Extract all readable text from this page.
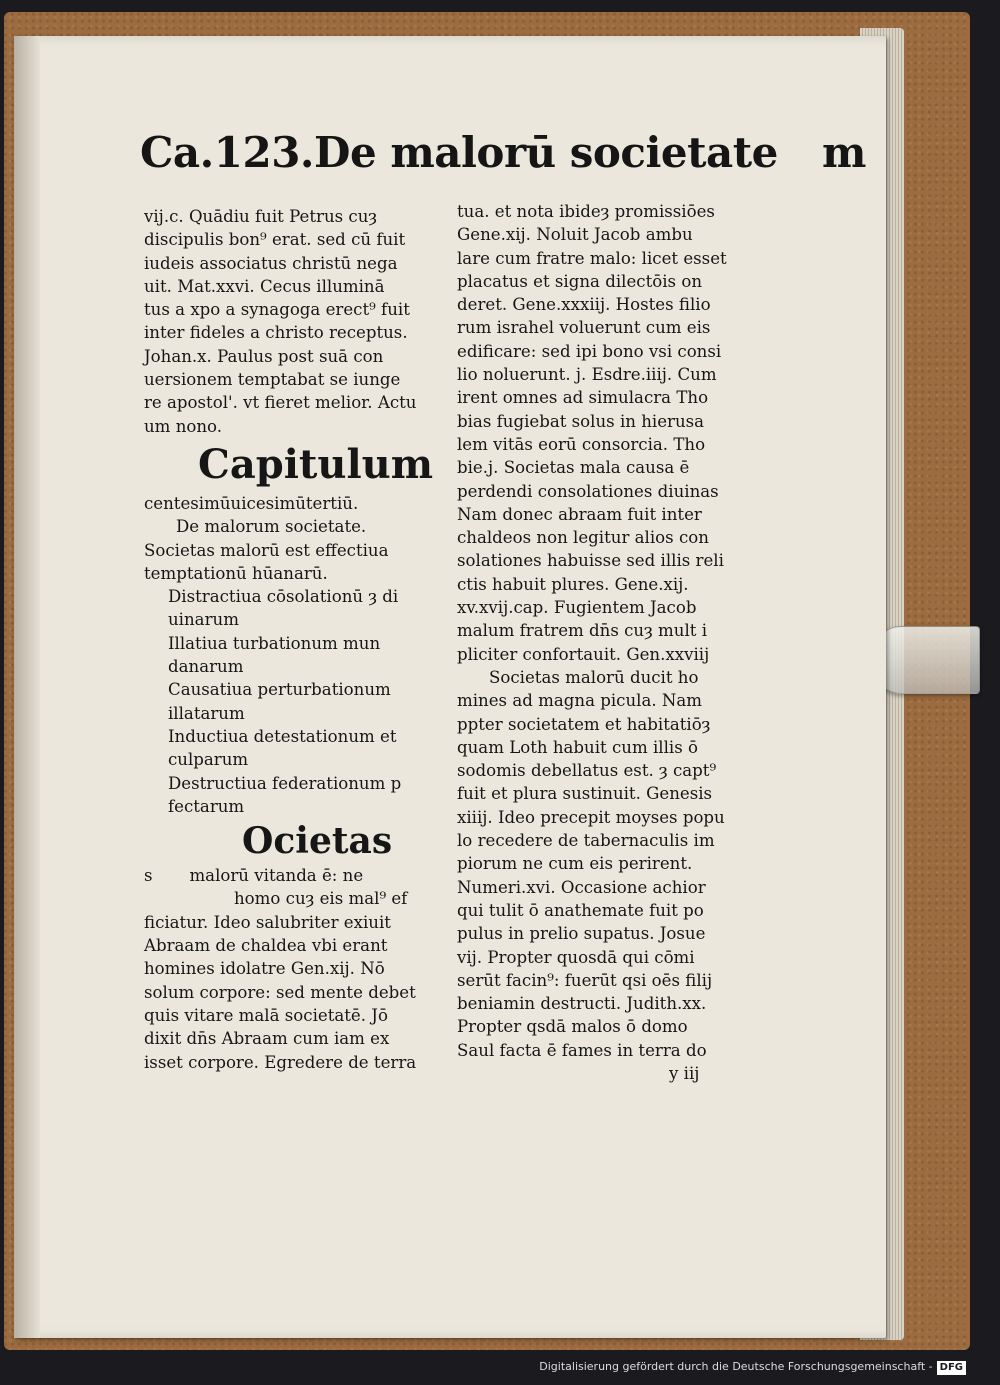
Ca.123.De malorū societate m
vij.c. Quādiu fuit Petrus cuȝ
discipulis bon⁹ erat. sed cū fuit
iudeis associatus christū nega
uit. Mat.xxvi. Cecus illuminā
tus a xpo a synagoga erect⁹ fuit
inter fideles a christo receptus.
Johan.x. Paulus post suā con
uersionem temptabat se iunge
re apostol'. vt fieret melior. Actu
um nono.
Capitulum
centesimūuicesimūtertiū.
De malorum societate.
Societas malorū est effectiua
temptationū hūanarū.
Distractiua cōsolationū ȝ di
uinarum
Illatiua turbationum mun
danarum
Causatiua perturbationum
illatarum
Inductiua detestationum et
culparum
Destructiua federationum p
fectarum
Ocietas
s       malorū vitanda ē: ne
homo cuȝ eis mal⁹ ef
ficiatur. Ideo salubriter exiuit
Abraam de chaldea vbi erant
homines idolatre Gen.xij. Nō
solum corpore: sed mente debet
quis vitare malā societatē. Jō
dixit dn̄s Abraam cum iam ex
isset corpore. Egredere de terra
tua. et nota ibideȝ promissiōes
Gene.xij. Noluit Jacob ambu
lare cum fratre malo: licet esset
placatus et signa dilectōis on
deret. Gene.xxxiij. Hostes filio
rum israhel voluerunt cum eis
edificare: sed ipi bono vsi consi
lio noluerunt. j. Esdre.iiij. Cum
irent omnes ad simulacra Tho
bias fugiebat solus in hierusa
lem vitās eorū consorcia. Tho
bie.j. Societas mala causa ē
perdendi consolationes diuinas
Nam donec abraam fuit inter
chaldeos non legitur alios con
solationes habuisse sed illis reli
ctis habuit plures. Gene.xij.
xv.xvij.cap. Fugientem Jacob
malum fratrem dn̄s cuȝ mult i
pliciter confortauit. Gen.xxviij
Societas malorū ducit ho
mines ad magna picula. Nam
ppter societatem et habitatiōȝ
quam Loth habuit cum illis ō
sodomis debellatus est. ȝ capt⁹
fuit et plura sustinuit. Genesis
xiiij. Ideo precepit moyses popu
lo recedere de tabernaculis im
piorum ne cum eis perirent.
Numeri.xvi. Occasione achior
qui tulit ō anathemate fuit po
pulus in prelio supatus. Josue
vij. Propter quosdā qui cōmi
serūt facin⁹: fuerūt qsi oēs filij
beniamin destructi. Judith.xx.
Propter qsdā malos ō domo
Saul facta ē fames in terra do
y iij
Digitalisierung gefördert durch die Deutsche Forschungsgemeinschaft - DFG
